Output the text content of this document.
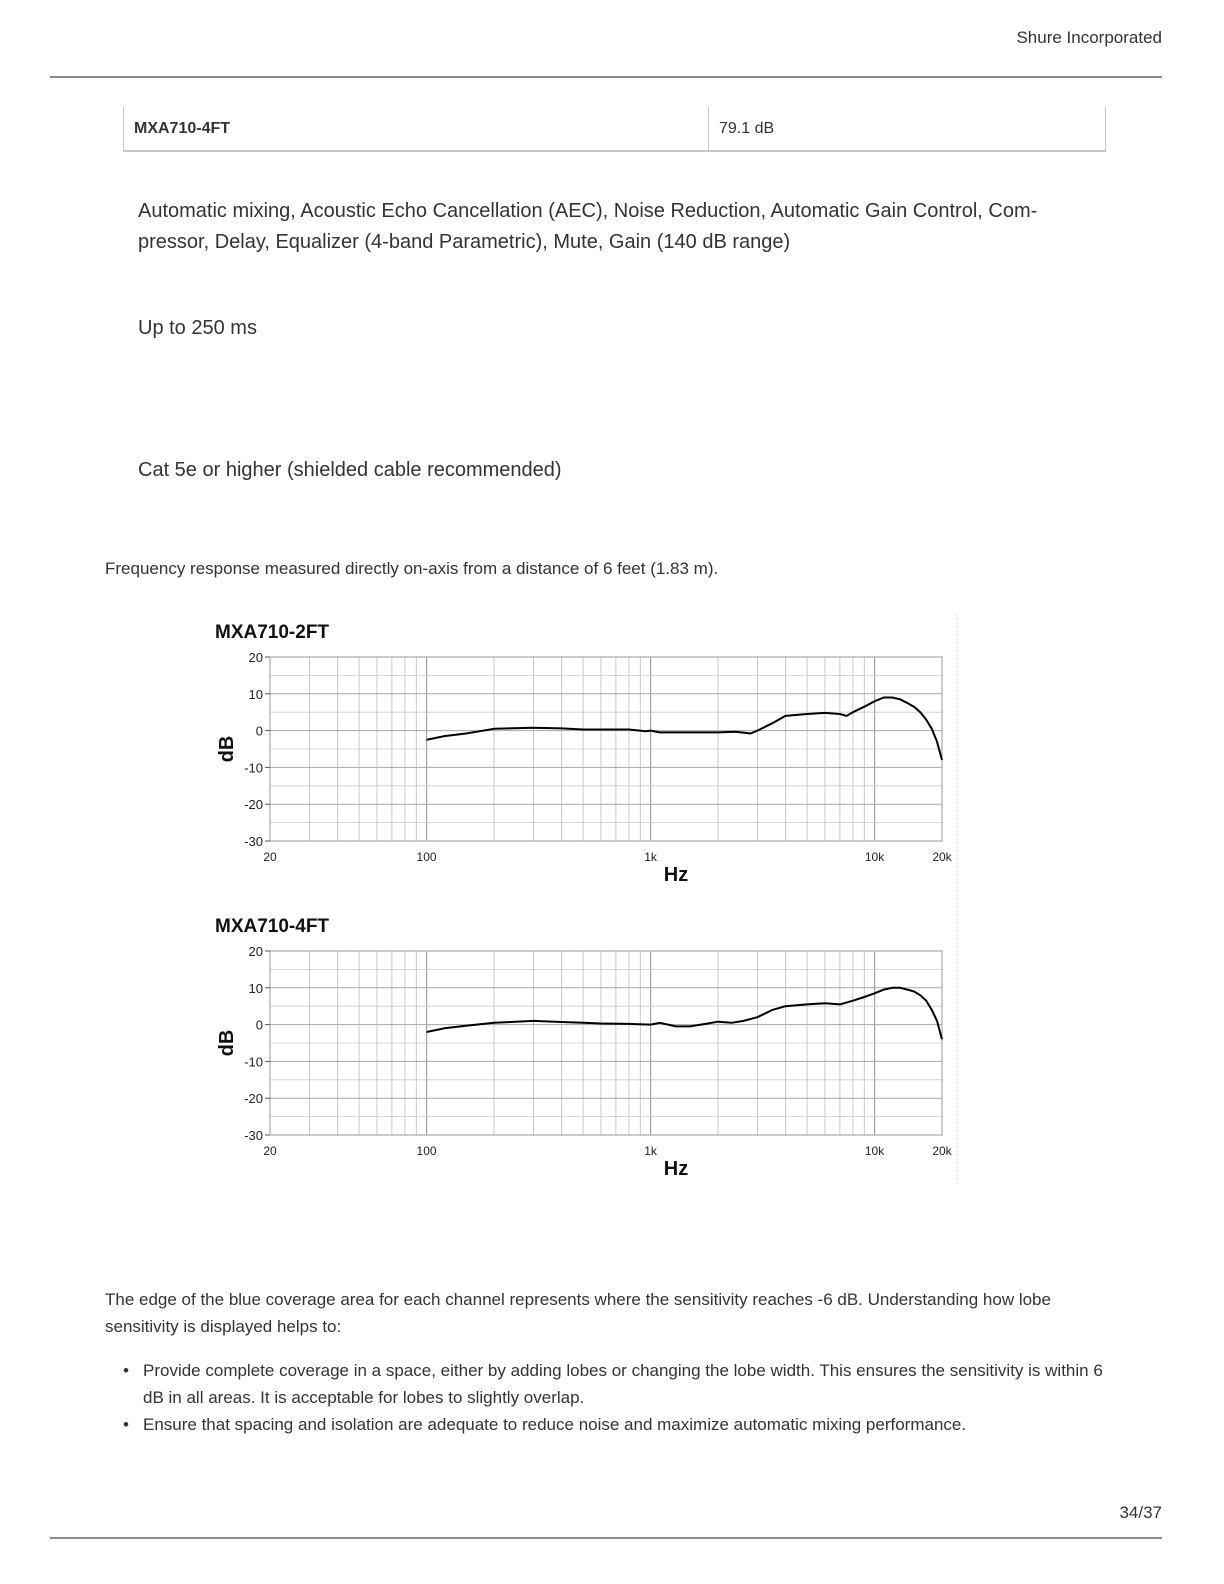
Shure Incorporated
MXA710-4FT	79.1 dB
Automatic mixing, Acoustic Echo Cancellation (AEC), Noise Reduction, Automatic Gain Control, Com-pressor, Delay, Equalizer (4-band Parametric), Mute, Gain (140 dB range)
Up to 250 ms
Cat 5e or higher (shielded cable recommended)
Frequency response measured directly on-axis from a distance of 6 feet (1.83 m).
MXA710-2FT
20
10
0
-10
-20
-30
20	100	1k	10k	20k
dB
Hz
MXA710-4FT
20
10
0
-10
-20
-30
20	100	1k	10k	20k
dB
Hz
The edge of the blue coverage area for each channel represents where the sensitivity reaches -6 dB. Understanding how lobe sensitivity is displayed helps to:
• Provide complete coverage in a space, either by adding lobes or changing the lobe width. This ensures the sensitivity is within 6 dB in all areas. It is acceptable for lobes to slightly overlap.
• Ensure that spacing and isolation are adequate to reduce noise and maximize automatic mixing performance.
34/37
